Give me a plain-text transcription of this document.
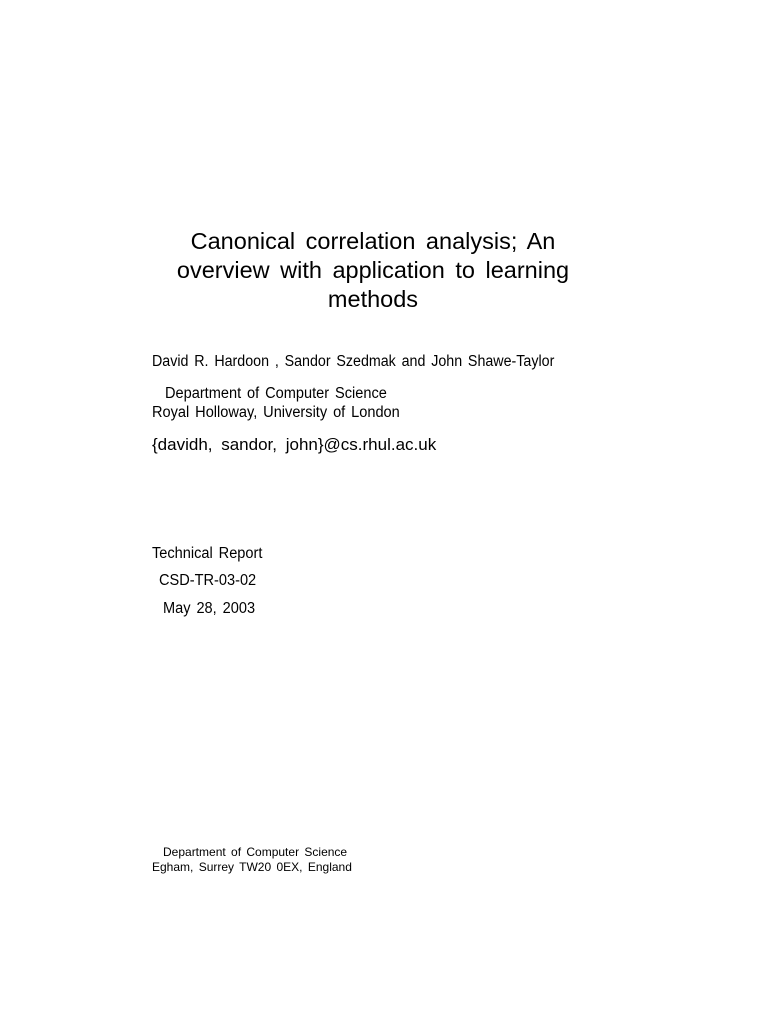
Canonical correlation analysis; An
overview with application to learning
methods
David R. Hardoon , Sandor Szedmak and John Shawe-Taylor
Department of Computer Science
Royal Holloway, University of London
{davidh, sandor, john}@cs.rhul.ac.uk
Technical Report
CSD-TR-03-02
May 28, 2003
Department of Computer Science
Egham, Surrey TW20 0EX, England
